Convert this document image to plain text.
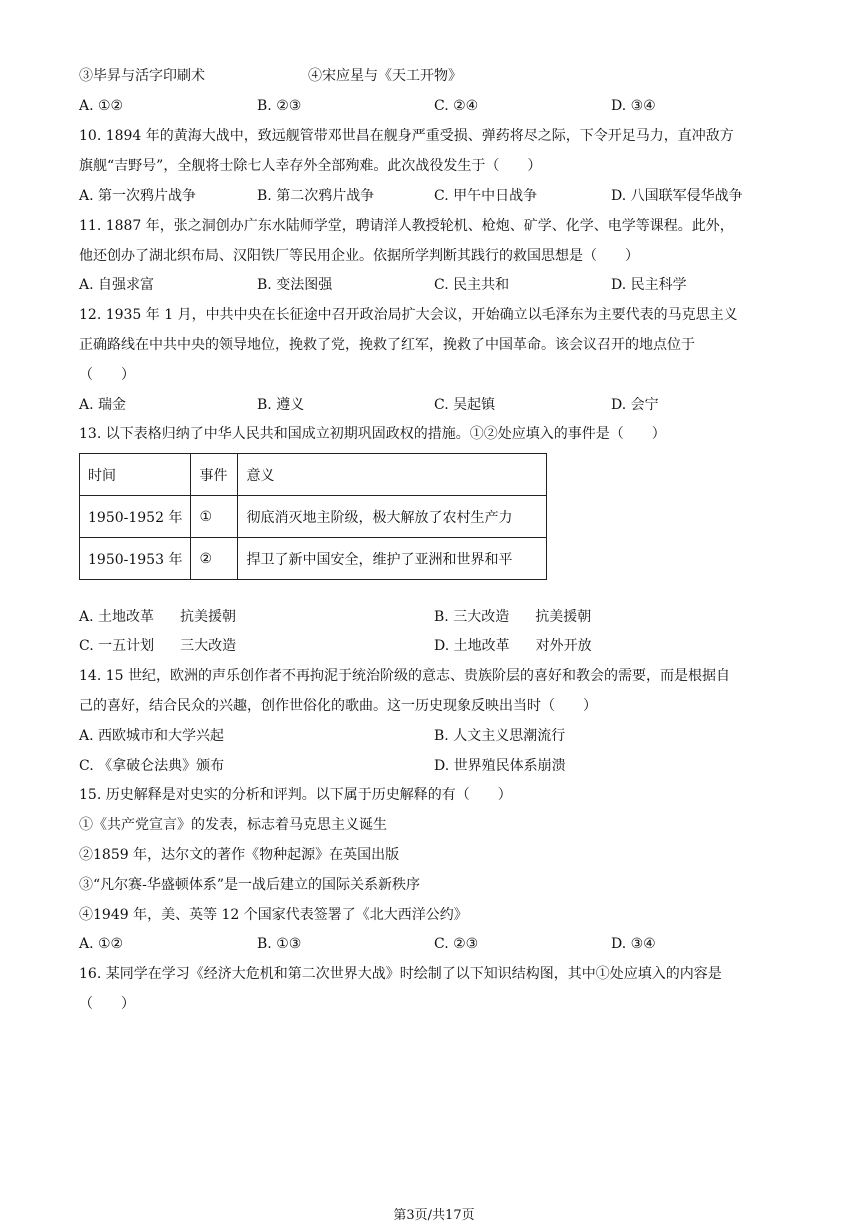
③毕昇与活字印刷术	④宋应星与《天工开物》
A. ①②	B. ②③	C. ②④	D. ③④
10. 1894 年的黄海大战中，致远舰管带邓世昌在舰身严重受损、弹药将尽之际，下令开足马力，直冲敌方
旗舰“吉野号”，全舰将士除七人幸存外全部殉难。此次战役发生于（　　）
A. 第一次鸦片战争	B. 第二次鸦片战争	C. 甲午中日战争	D. 八国联军侵华战争
11. 1887 年，张之洞创办广东水陆师学堂，聘请洋人教授轮机、枪炮、矿学、化学、电学等课程。此外，
他还创办了湖北织布局、汉阳铁厂等民用企业。依据所学判断其践行的救国思想是（　　）
A. 自强求富	B. 变法图强	C. 民主共和	D. 民主科学
12. 1935 年 1 月，中共中央在长征途中召开政治局扩大会议，开始确立以毛泽东为主要代表的马克思主义
正确路线在中共中央的领导地位，挽救了党，挽救了红军，挽救了中国革命。该会议召开的地点位于
（　　）
A. 瑞金	B. 遵义	C. 吴起镇	D. 会宁
13. 以下表格归纳了中华人民共和国成立初期巩固政权的措施。①②处应填入的事件是（　　）
时间	事件	意义
1950-1952 年	①	彻底消灭地主阶级，极大解放了农村生产力
1950-1953 年	②	捍卫了新中国安全，维护了亚洲和世界和平
A. 土地改革 抗美援朝	B. 三大改造 抗美援朝
C. 一五计划 三大改造	D. 土地改革 对外开放
14. 15 世纪，欧洲的声乐创作者不再拘泥于统治阶级的意志、贵族阶层的喜好和教会的需要，而是根据自
己的喜好，结合民众的兴趣，创作世俗化的歌曲。这一历史现象反映出当时（　　）
A. 西欧城市和大学兴起	B. 人文主义思潮流行
C. 《拿破仑法典》颁布	D. 世界殖民体系崩溃
15. 历史解释是对史实的分析和评判。以下属于历史解释的有（　　）
①《共产党宣言》的发表，标志着马克思主义诞生
②1859 年，达尔文的著作《物种起源》在英国出版
③“凡尔赛-华盛顿体系”是一战后建立的国际关系新秩序
④1949 年，美、英等 12 个国家代表签署了《北大西洋公约》
A. ①②	B. ①③	C. ②③	D. ③④
16. 某同学在学习《经济大危机和第二次世界大战》时绘制了以下知识结构图，其中①处应填入的内容是
（　　）
第3页/共17页
